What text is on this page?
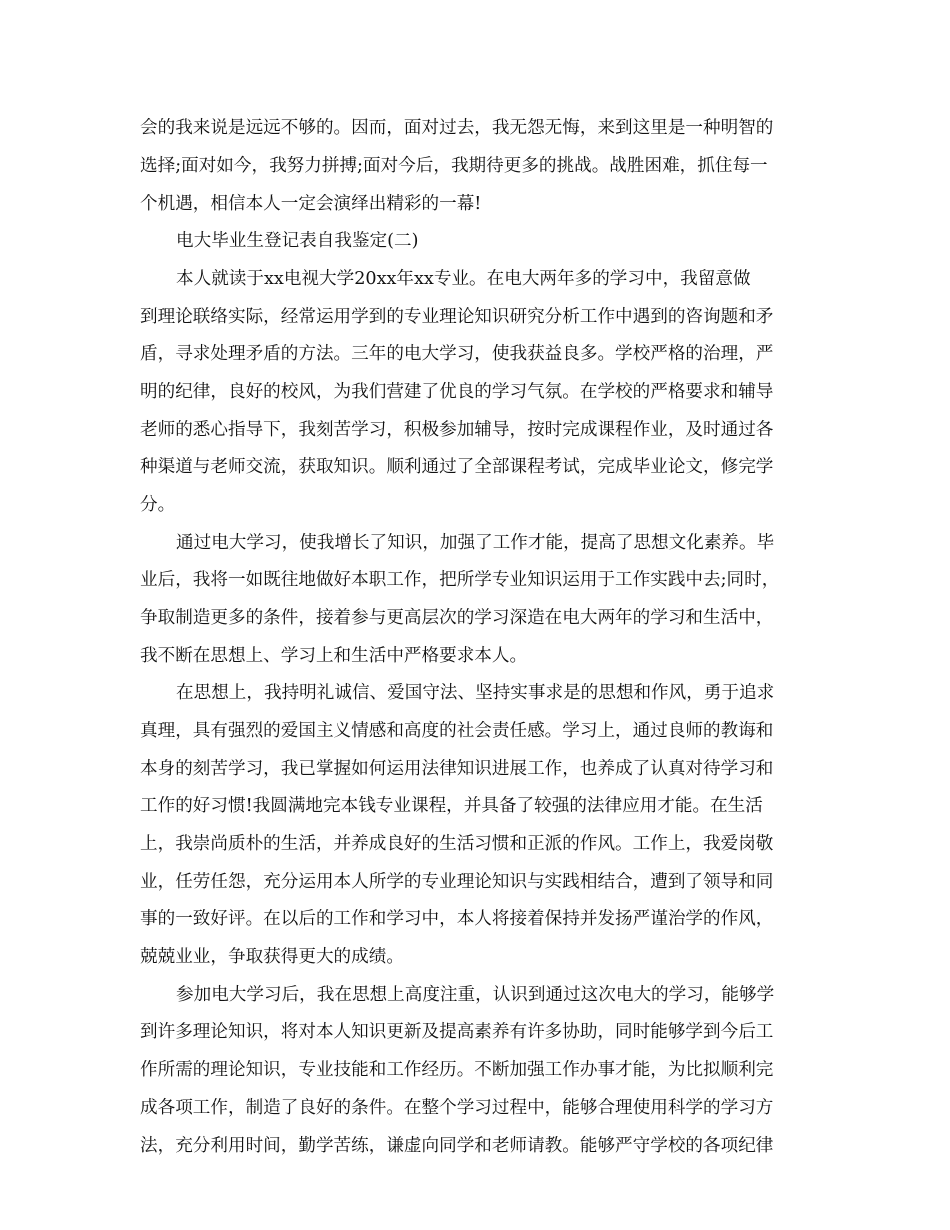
会的我来说是远远不够的。因而，面对过去，我无怨无悔，来到这里是一种明智的
选择;面对如今，我努力拼搏;面对今后，我期待更多的挑战。战胜困难，抓住每一
个机遇，相信本人一定会演绎出精彩的一幕!
电大毕业生登记表自我鉴定(二)
本人就读于xx电视大学20xx年xx专业。在电大两年多的学习中，我留意做
到理论联络实际，经常运用学到的专业理论知识研究分析工作中遇到的咨询题和矛
盾，寻求处理矛盾的方法。三年的电大学习，使我获益良多。学校严格的治理，严
明的纪律，良好的校风，为我们营建了优良的学习气氛。在学校的严格要求和辅导
老师的悉心指导下，我刻苦学习，积极参加辅导，按时完成课程作业，及时通过各
种渠道与老师交流，获取知识。顺利通过了全部课程考试，完成毕业论文，修完学
分。
通过电大学习，使我增长了知识，加强了工作才能，提高了思想文化素养。毕
业后，我将一如既往地做好本职工作，把所学专业知识运用于工作实践中去;同时，
争取制造更多的条件，接着参与更高层次的学习深造在电大两年的学习和生活中，
我不断在思想上、学习上和生活中严格要求本人。
在思想上，我持明礼诚信、爱国守法、坚持实事求是的思想和作风，勇于追求
真理，具有强烈的爱国主义情感和高度的社会责任感。学习上，通过良师的教诲和
本身的刻苦学习，我已掌握如何运用法律知识进展工作，也养成了认真对待学习和
工作的好习惯!我圆满地完本钱专业课程，并具备了较强的法律应用才能。在生活
上，我崇尚质朴的生活，并养成良好的生活习惯和正派的作风。工作上，我爱岗敬
业，任劳任怨，充分运用本人所学的专业理论知识与实践相结合，遭到了领导和同
事的一致好评。在以后的工作和学习中，本人将接着保持并发扬严谨治学的作风，
兢兢业业，争取获得更大的成绩。
参加电大学习后，我在思想上高度注重，认识到通过这次电大的学习，能够学
到许多理论知识，将对本人知识更新及提高素养有许多协助，同时能够学到今后工
作所需的理论知识，专业技能和工作经历。不断加强工作办事才能，为比拟顺利完
成各项工作，制造了良好的条件。在整个学习过程中，能够合理使用科学的学习方
法，充分利用时间，勤学苦练，谦虚向同学和老师请教。能够严守学校的各项纪律
